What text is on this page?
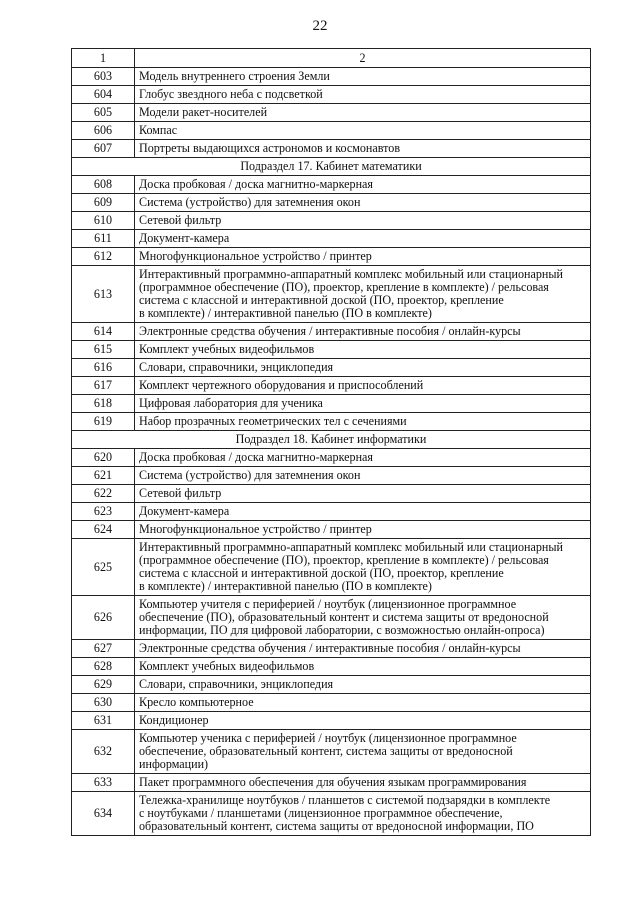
22
1	2
603	Модель внутреннего строения Земли
604	Глобус звездного неба с подсветкой
605	Модели ракет-носителей
606	Компас
607	Портреты выдающихся астрономов и космонавтов
Подраздел 17. Кабинет математики	
608	Доска пробковая / доска магнитно-маркерная
609	Система (устройство) для затемнения окон
610	Сетевой фильтр
611	Документ-камера
612	Многофункциональное устройство / принтер
613	Интерактивный программно-аппаратный комплекс мобильный или стационарный
(программное обеспечение (ПО), проектор, крепление в комплекте) / рельсовая
система с классной и интерактивной доской (ПО, проектор, крепление
в комплекте) / интерактивной панелью (ПО в комплекте)

614	Электронные средства обучения / интерактивные пособия / онлайн-курсы
615	Комплект учебных видеофильмов
616	Словари, справочники, энциклопедия
617	Комплект чертежного оборудования и приспособлений
618	Цифровая лаборатория для ученика
619	Набор прозрачных геометрических тел с сечениями
Подраздел 18. Кабинет информатики	
620	Доска пробковая / доска магнитно-маркерная
621	Система (устройство) для затемнения окон
622	Сетевой фильтр
623	Документ-камера
624	Многофункциональное устройство / принтер
625	Интерактивный программно-аппаратный комплекс мобильный или стационарный
(программное обеспечение (ПО), проектор, крепление в комплекте) / рельсовая
система с классной и интерактивной доской (ПО, проектор, крепление
в комплекте) / интерактивной панелью (ПО в комплекте)

626	Компьютер учителя с периферией / ноутбук (лицензионное программное
обеспечение (ПО), образовательный контент и система защиты от вредоносной
информации, ПО для цифровой лаборатории, с возможностью онлайн-опроса)

627	Электронные средства обучения / интерактивные пособия / онлайн-курсы
628	Комплект учебных видеофильмов
629	Словари, справочники, энциклопедия
630	Кресло компьютерное
631	Кондиционер
632	Компьютер ученика с периферией / ноутбук (лицензионное программное
обеспечение, образовательный контент, система защиты от вредоносной
информации)

633	Пакет программного обеспечения для обучения языкам программирования
634	Тележка-хранилище ноутбуков / планшетов с системой подзарядки в комплекте
с ноутбуками / планшетами (лицензионное программное обеспечение,
образовательный контент, система защиты от вредоносной информации, ПО
